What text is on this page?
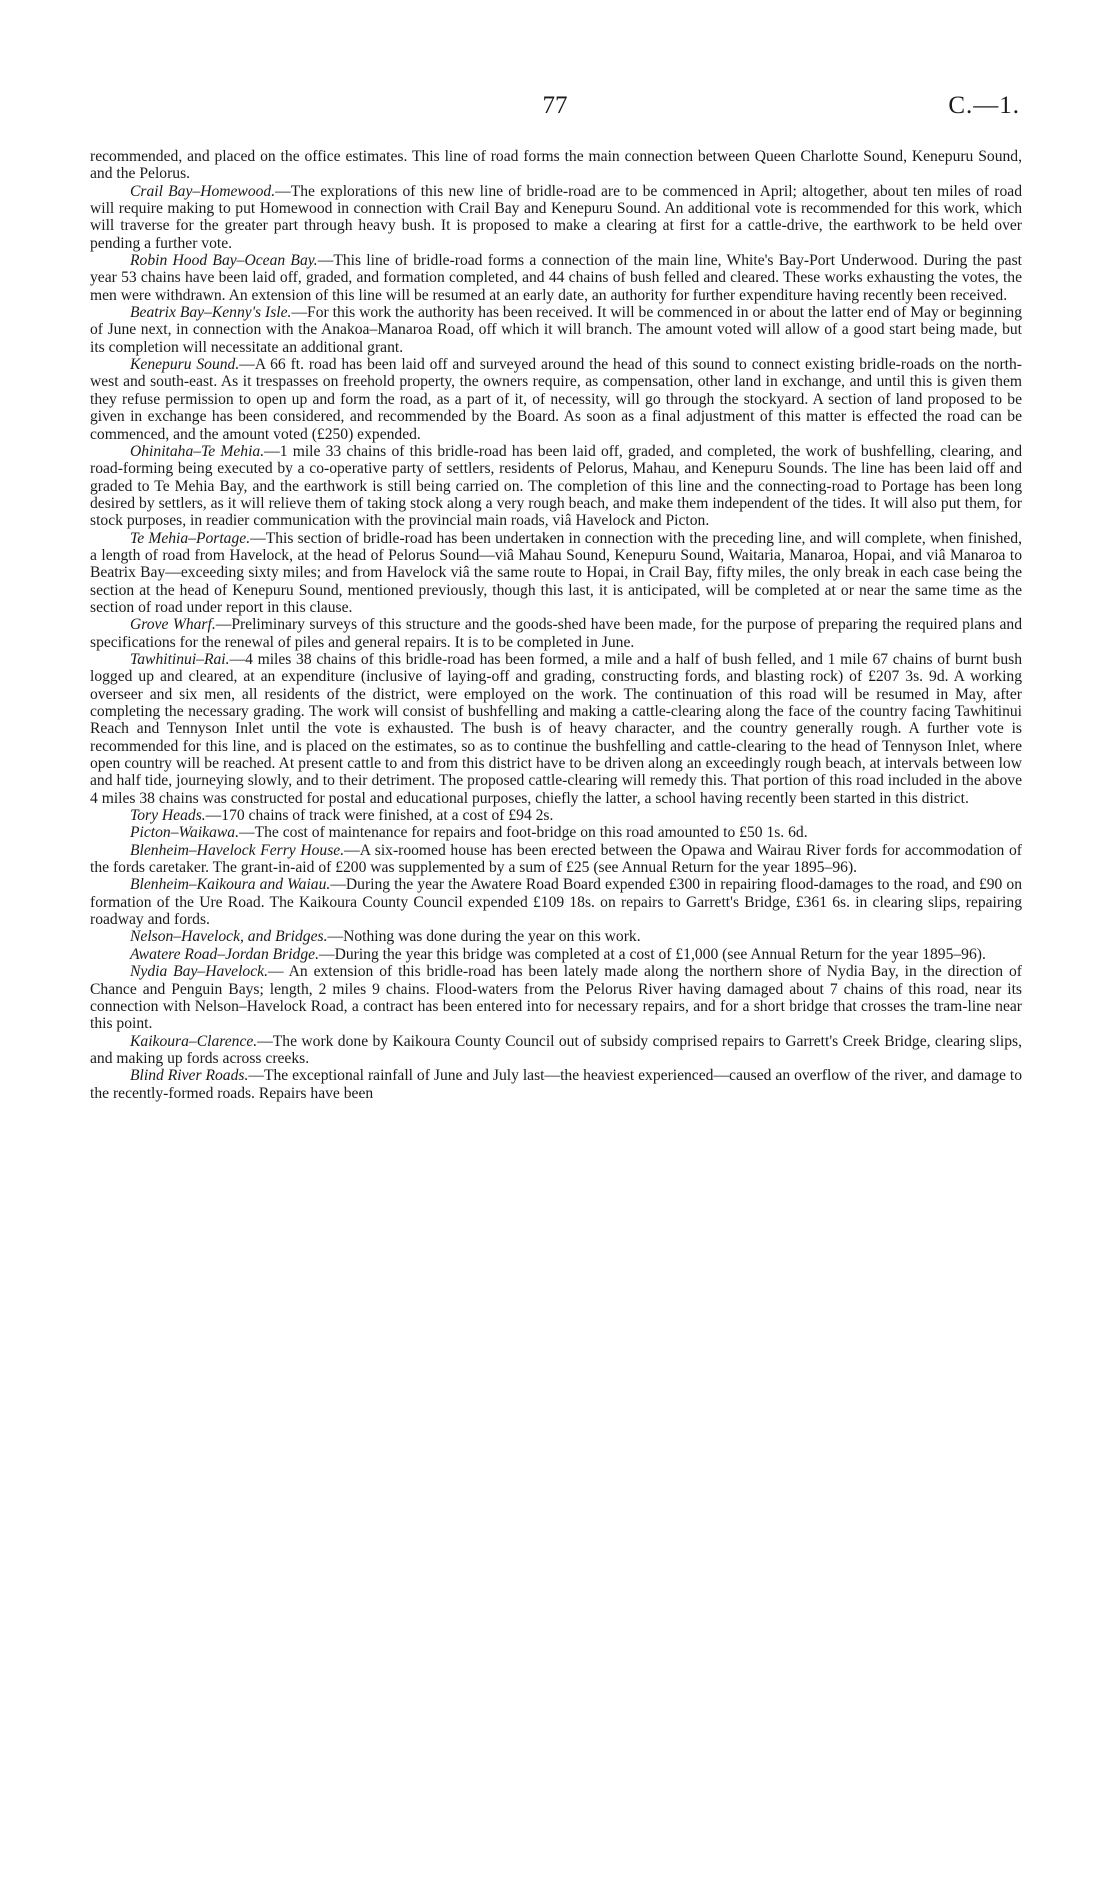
77	C.—1.

recommended, and placed on the office estimates. This line of road forms the main connection between Queen Charlotte Sound, Kenepuru Sound, and the Pelorus.

Crail Bay–Homewood.—The explorations of this new line of bridle-road are to be commenced in April; altogether, about ten miles of road will require making to put Homewood in connection with Crail Bay and Kenepuru Sound. An additional vote is recommended for this work, which will traverse for the greater part through heavy bush. It is proposed to make a clearing at first for a cattle-drive, the earthwork to be held over pending a further vote.

Robin Hood Bay–Ocean Bay.—This line of bridle-road forms a connection of the main line, White's Bay-Port Underwood. During the past year 53 chains have been laid off, graded, and formation completed, and 44 chains of bush felled and cleared. These works exhausting the votes, the men were withdrawn. An extension of this line will be resumed at an early date, an authority for further expenditure having recently been received.

Beatrix Bay–Kenny's Isle.—For this work the authority has been received. It will be commenced in or about the latter end of May or beginning of June next, in connection with the Anakoa–Manaroa Road, off which it will branch. The amount voted will allow of a good start being made, but its completion will necessitate an additional grant.

Kenepuru Sound.—A 66 ft. road has been laid off and surveyed around the head of this sound to connect existing bridle-roads on the north-west and south-east. As it trespasses on freehold property, the owners require, as compensation, other land in exchange, and until this is given them they refuse permission to open up and form the road, as a part of it, of necessity, will go through the stockyard. A section of land proposed to be given in exchange has been considered, and recommended by the Board. As soon as a final adjustment of this matter is effected the road can be commenced, and the amount voted (£250) expended.

Ohinitaha–Te Mehia.—1 mile 33 chains of this bridle-road has been laid off, graded, and completed, the work of bushfelling, clearing, and road-forming being executed by a co-operative party of settlers, residents of Pelorus, Mahau, and Kenepuru Sounds. The line has been laid off and graded to Te Mehia Bay, and the earthwork is still being carried on. The completion of this line and the connecting-road to Portage has been long desired by settlers, as it will relieve them of taking stock along a very rough beach, and make them independent of the tides. It will also put them, for stock purposes, in readier communication with the provincial main roads, viâ Havelock and Picton.

Te Mehia–Portage.—This section of bridle-road has been undertaken in connection with the preceding line, and will complete, when finished, a length of road from Havelock, at the head of Pelorus Sound—viâ Mahau Sound, Kenepuru Sound, Waitaria, Manaroa, Hopai, and viâ Manaroa to Beatrix Bay—exceeding sixty miles; and from Havelock viâ the same route to Hopai, in Crail Bay, fifty miles, the only break in each case being the section at the head of Kenepuru Sound, mentioned previously, though this last, it is anticipated, will be completed at or near the same time as the section of road under report in this clause.

Grove Wharf.—Preliminary surveys of this structure and the goods-shed have been made, for the purpose of preparing the required plans and specifications for the renewal of piles and general repairs. It is to be completed in June.

Tawhitinui–Rai.—4 miles 38 chains of this bridle-road has been formed, a mile and a half of bush felled, and 1 mile 67 chains of burnt bush logged up and cleared, at an expenditure (inclusive of laying-off and grading, constructing fords, and blasting rock) of £207 3s. 9d. A working overseer and six men, all residents of the district, were employed on the work. The continuation of this road will be resumed in May, after completing the necessary grading. The work will consist of bushfelling and making a cattle-clearing along the face of the country facing Tawhitinui Reach and Tennyson Inlet until the vote is exhausted. The bush is of heavy character, and the country generally rough. A further vote is recommended for this line, and is placed on the estimates, so as to continue the bushfelling and cattle-clearing to the head of Tennyson Inlet, where open country will be reached. At present cattle to and from this district have to be driven along an exceedingly rough beach, at intervals between low and half tide, journeying slowly, and to their detriment. The proposed cattle-clearing will remedy this. That portion of this road included in the above 4 miles 38 chains was constructed for postal and educational purposes, chiefly the latter, a school having recently been started in this district.

Tory Heads.—170 chains of track were finished, at a cost of £94 2s.

Picton–Waikawa.—The cost of maintenance for repairs and foot-bridge on this road amounted to £50 1s. 6d.

Blenheim–Havelock Ferry House.—A six-roomed house has been erected between the Opawa and Wairau River fords for accommodation of the fords caretaker. The grant-in-aid of £200 was supplemented by a sum of £25 (see Annual Return for the year 1895–96).

Blenheim–Kaikoura and Waiau.—During the year the Awatere Road Board expended £300 in repairing flood-damages to the road, and £90 on formation of the Ure Road. The Kaikoura County Council expended £109 18s. on repairs to Garrett's Bridge, £361 6s. in clearing slips, repairing roadway and fords.

Nelson–Havelock, and Bridges.—Nothing was done during the year on this work.

Awatere Road–Jordan Bridge.—During the year this bridge was completed at a cost of £1,000 (see Annual Return for the year 1895–96).

Nydia Bay–Havelock.— An extension of this bridle-road has been lately made along the northern shore of Nydia Bay, in the direction of Chance and Penguin Bays; length, 2 miles 9 chains. Flood-waters from the Pelorus River having damaged about 7 chains of this road, near its connection with Nelson–Havelock Road, a contract has been entered into for necessary repairs, and for a short bridge that crosses the tram-line near this point.

Kaikoura–Clarence.—The work done by Kaikoura County Council out of subsidy comprised repairs to Garrett's Creek Bridge, clearing slips, and making up fords across creeks.

Blind River Roads.—The exceptional rainfall of June and July last—the heaviest experienced—caused an overflow of the river, and damage to the recently-formed roads. Repairs have been
